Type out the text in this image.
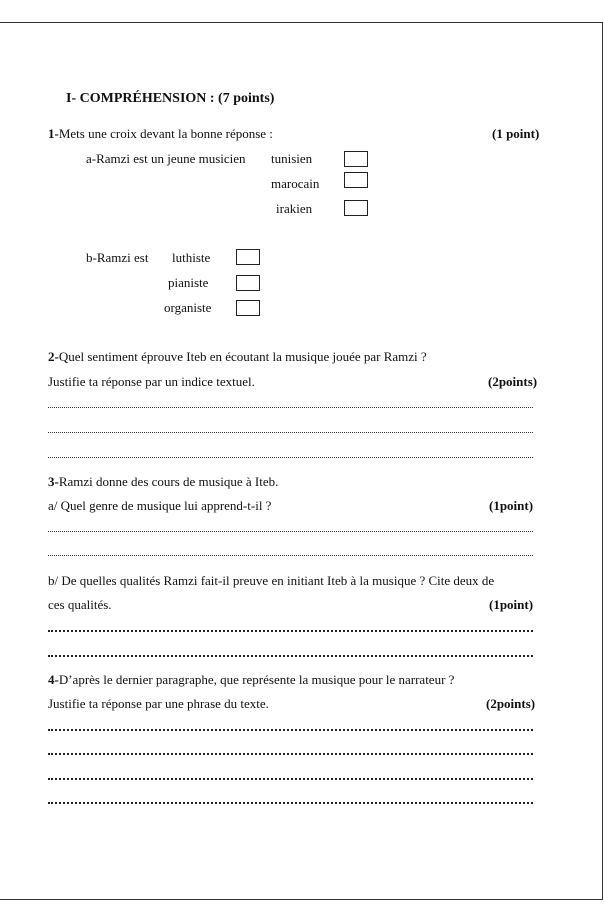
I- COMPRÉHENSION : (7 points)
1-Mets une croix devant la bonne réponse :	(1 point)
a-Ramzi est un jeune musicien tunisien
marocain
irakien
b-Ramzi est luthiste
pianiste
organiste
2-Quel sentiment éprouve Iteb en écoutant la musique jouée par Ramzi ?
Justifie ta réponse par un indice textuel.	(2points)
3-Ramzi donne des cours de musique à Iteb.
a/ Quel genre de musique lui apprend-t-il ?	(1point)
b/ De quelles qualités Ramzi fait-il preuve en initiant Iteb à la musique ? Cite deux de
ces qualités.	(1point)
4-D’après le dernier paragraphe, que représente la musique pour le narrateur ?
Justifie ta réponse par une phrase du texte.	(2points)
